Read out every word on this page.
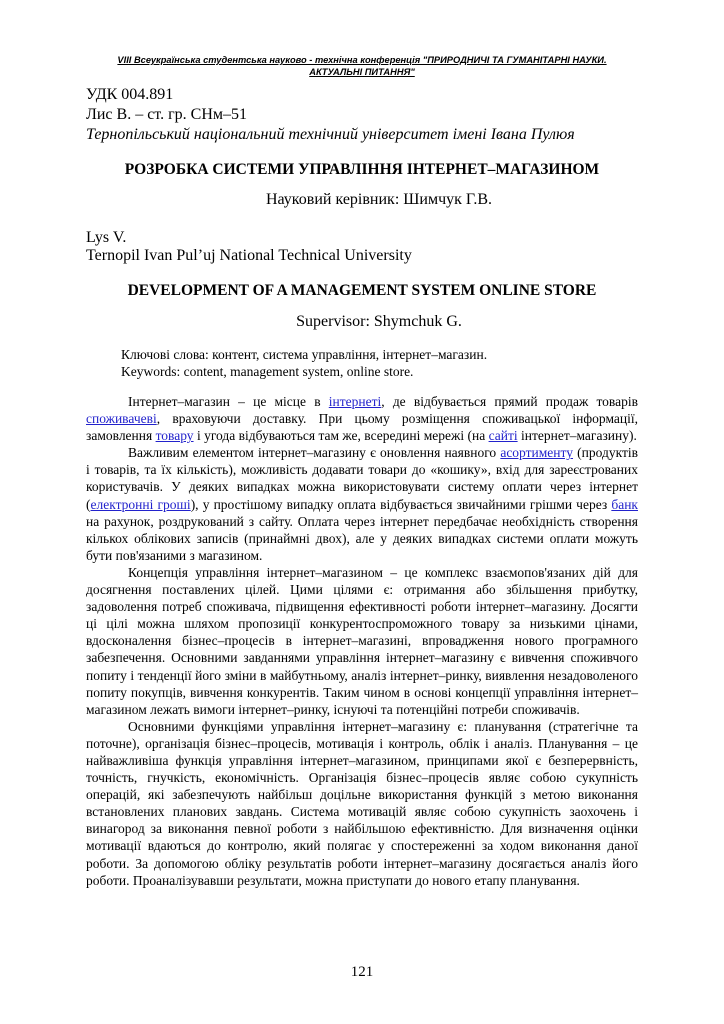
VIII Всеукраїнська студентська науково - технічна конференція "ПРИРОДНИЧІ ТА ГУМАНІТАРНІ НАУКИ.
АКТУАЛЬНІ ПИТАННЯ"
УДК 004.891
Лис В. – ст. гр. СНм–51
Тернопільський національний технічний університет імені Івана Пулюя
РОЗРОБКА СИСТЕМИ УПРАВЛІННЯ ІНТЕРНЕТ–МАГАЗИНОМ
Науковий керівник: Шимчук Г.В.
Lys V.
Ternopil Ivan Pul’uj National Technical University
DEVELOPMENT OF A MANAGEMENT SYSTEM ONLINE STORE
Supervisor: Shymchuk G.
Ключові слова: контент, система управління, інтернет–магазин.
Keywords: content, management system, online store.

Інтернет–магазин – це місце в інтернеті, де відбувається прямий продаж товарів споживачеві, враховуючи доставку. При цьому розміщення споживацької інформації, замовлення товару і угода відбуваються там же, всередині мережі (на сайті інтернет–магазину).

Важливим елементом інтернет–магазину є оновлення наявного асортименту (продуктів і товарів, та їх кількість), можливість додавати товари до «кошику», вхід для зареєстрованих користувачів. У деяких випадках можна використовувати систему оплати через інтернет (електронні гроші), у простішому випадку оплата відбувається звичайними грішми через банк на рахунок, роздрукований з сайту. Оплата через інтернет передбачає необхідність створення кількох облікових записів (принаймні двох), але у деяких випадках системи оплати можуть бути пов'язаними з магазином.

Концепція управління інтернет–магазином – це комплекс взаємопов'язаних дій для досягнення поставлених цілей. Цими цілями є: отримання або збільшення прибутку, задоволення потреб споживача, підвищення ефективності роботи інтернет–магазину. Досягти ці цілі можна шляхом пропозиції конкурентоспроможного товару за низькими цінами, вдосконалення бізнес–процесів в інтернет–магазині, впровадження нового програмного забезпечення. Основними завданнями управління інтернет–магазину є вивчення споживчого попиту і тенденції його зміни в майбутньому, аналіз інтернет–ринку, виявлення незадоволеного попиту покупців, вивчення конкурентів. Таким чином в основі концепції управління інтернет–магазином лежать вимоги інтернет–ринку, існуючі та потенційні потреби споживачів.

Основними функціями управління інтернет–магазину є: планування (стратегічне та поточне), організація бізнес–процесів, мотивація і контроль, облік і аналіз. Планування – це найважливіша функція управління інтернет–магазином, принципами якої є безперервність, точність, гнучкість, економічність. Організація бізнес–процесів являє собою сукупність операцій, які забезпечують найбільш доцільне використання функцій з метою виконання встановлених планових завдань. Система мотивацій являє собою сукупність заохочень і винагород за виконання певної роботи з найбільшою ефективністю. Для визначення оцінки мотивації вдаються до контролю, який полягає у спостереженні за ходом виконання даної роботи. За допомогою обліку результатів роботи інтернет–магазину досягається аналіз його роботи. Проаналізувавши результати, можна приступати до нового етапу планування.

121
